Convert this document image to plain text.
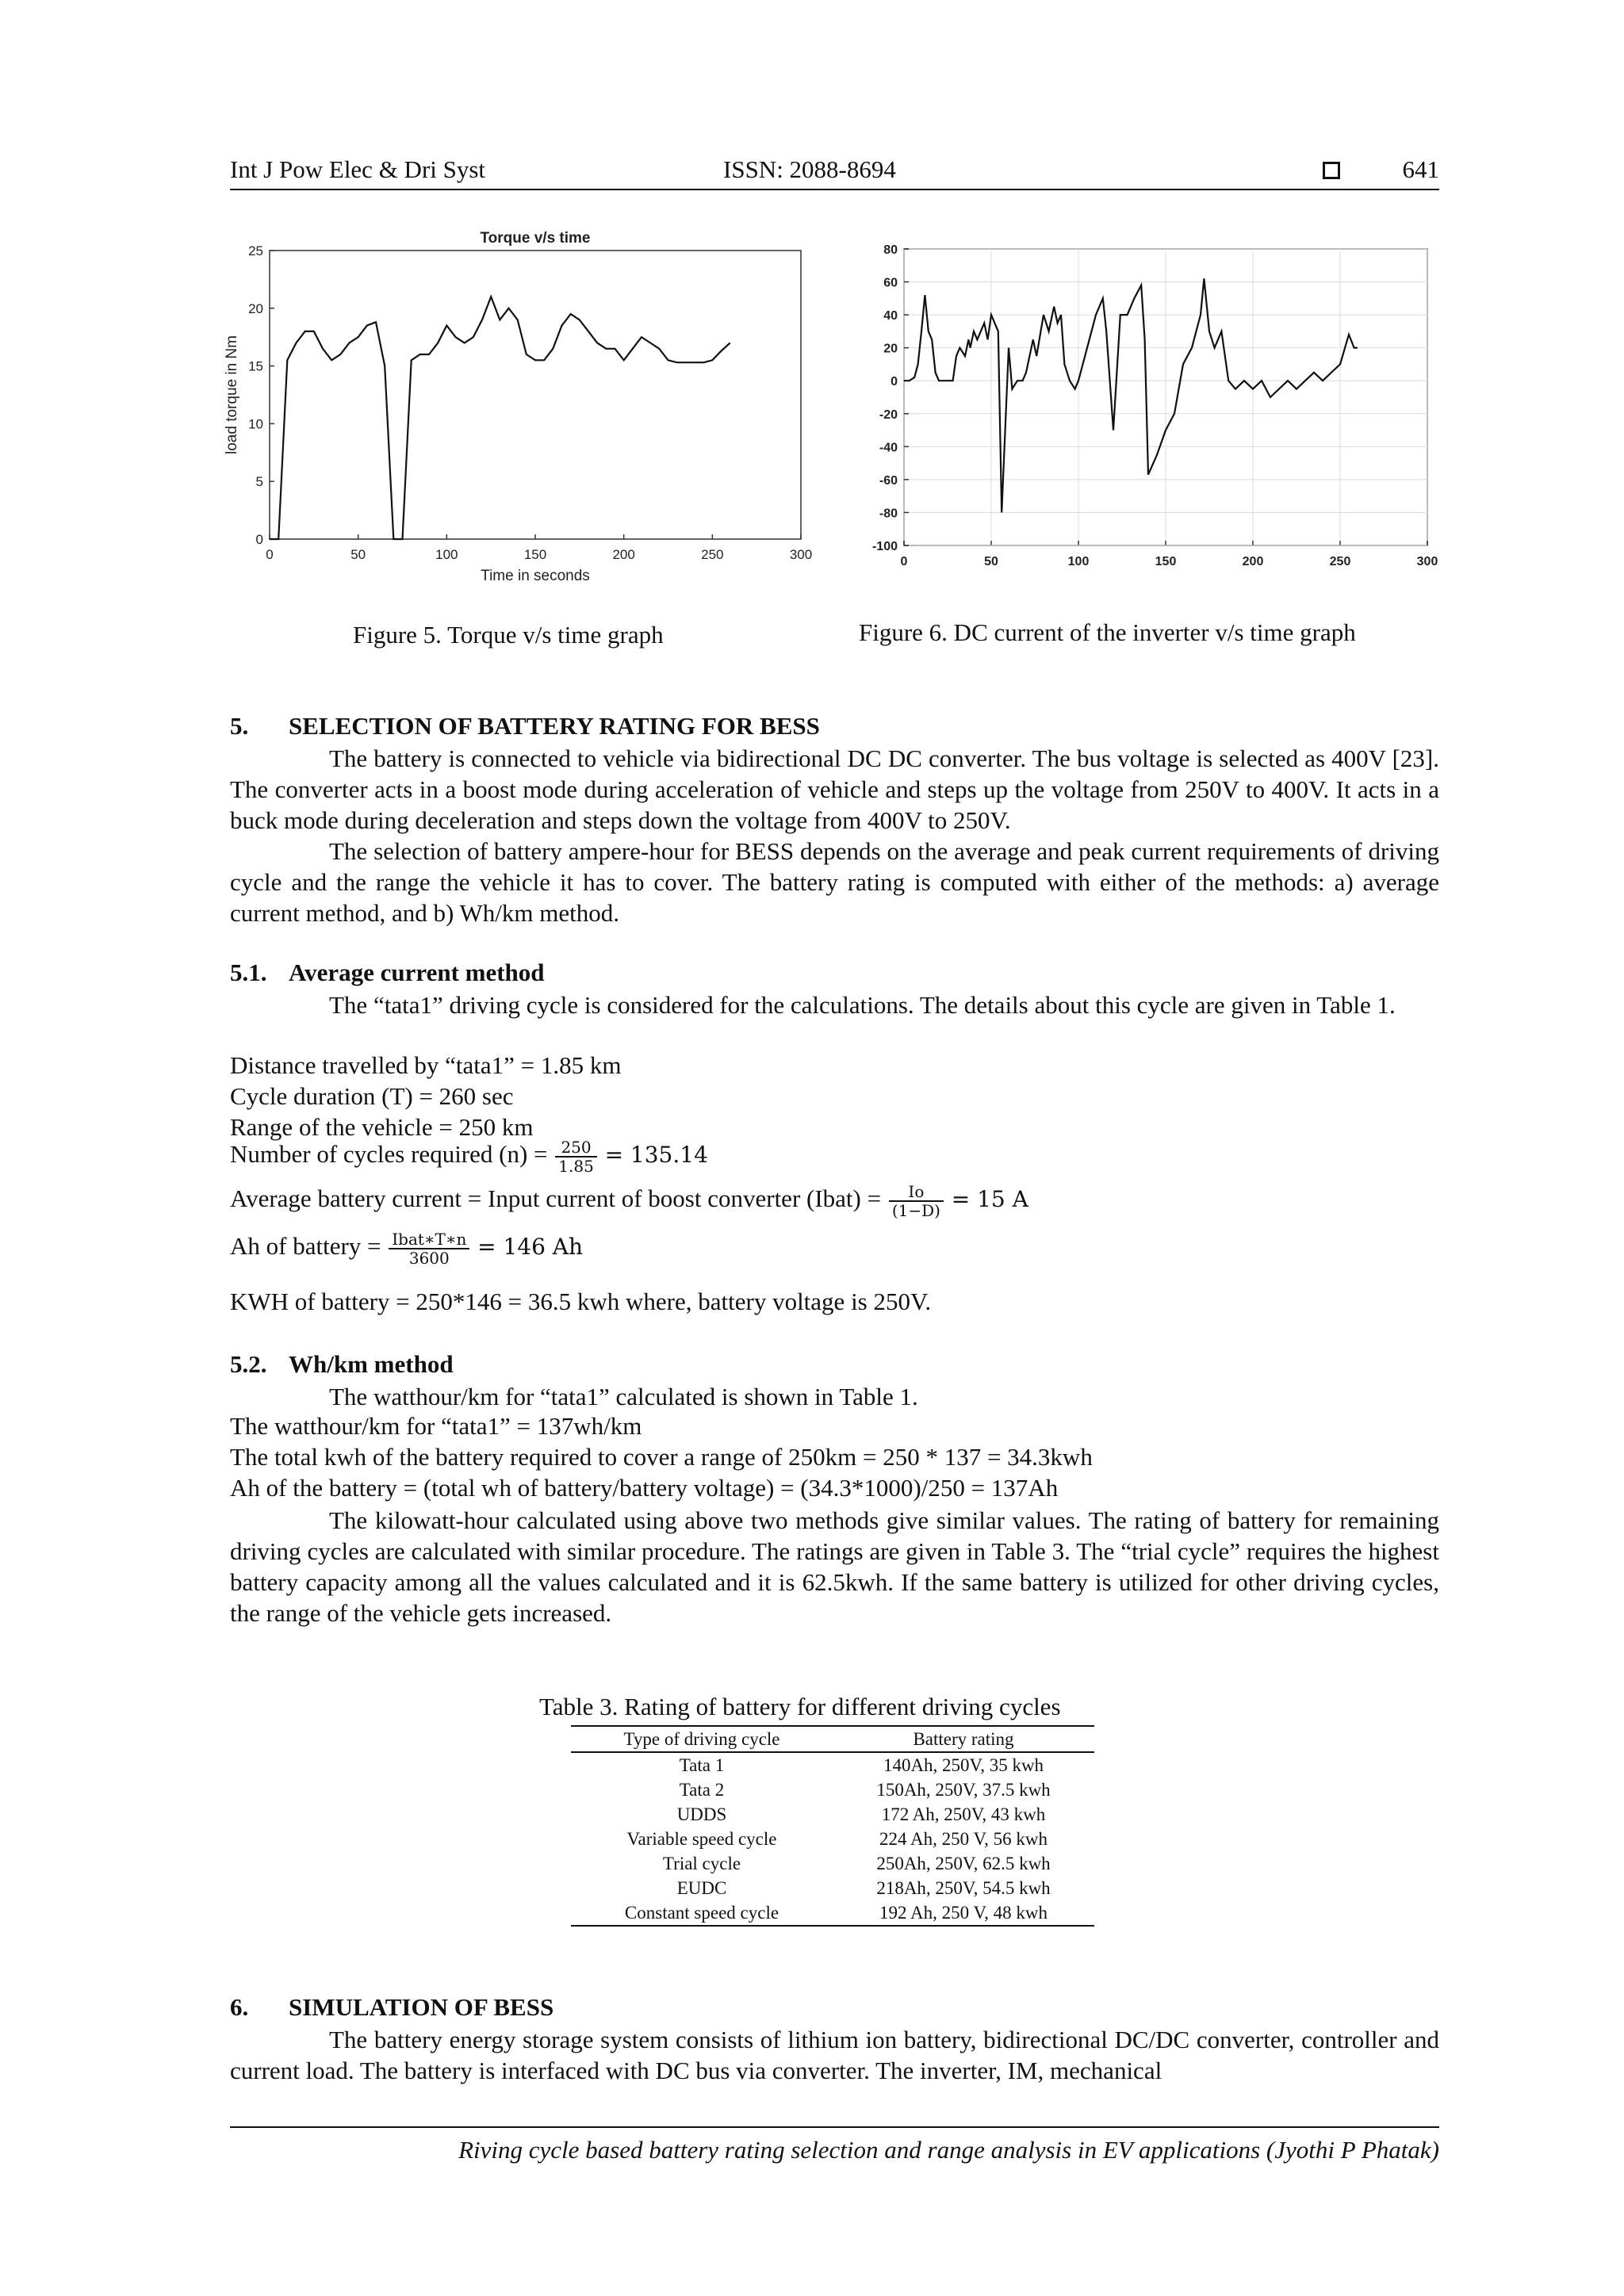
Int J Pow Elec & Dri Syst	ISSN: 2088-8694	641
0	50	100	150	200	250	300
0
5
10
15
20
25
Torque v/s time
Time in seconds
load torque in Nm
Figure 5. Torque v/s time graph
0	50	100	150	200	250	300
80
60
40
20
0
-20
-40
-60
-80
-100
Figure 6. DC current of the inverter v/s time graph
5. SELECTION OF BATTERY RATING FOR BESS
The battery is connected to vehicle via bidirectional DC DC converter. The bus voltage is selected as 400V [23]. The converter acts in a boost mode during acceleration of vehicle and steps up the voltage from 250V to 400V. It acts in a buck mode during deceleration and steps down the voltage from 400V to 250V.
The selection of battery ampere-hour for BESS depends on the average and peak current requirements of driving cycle and the range the vehicle it has to cover. The battery rating is computed with either of the methods: a) average current method, and b) Wh/km method.
5.1. Average current method
The “tata1” driving cycle is considered for the calculations. The details about this cycle are given in Table 1.
Distance travelled by “tata1” = 1.85 km
Cycle duration (T) = 260 sec
Range of the vehicle = 250 km
Number of cycles required $(n) = \frac{250}{1.85} = 135.14$
Average battery current = Input current of boost converter (Ibat) = $\frac{Io}{(1-D)} = 15$ A
Ah of battery = $\frac{\text{Ibat∗T∗n}}{3600} = 146$ Ah
KWH of battery = 250*146 = 36.5 kwh where, battery voltage is 250V.
5.2. Wh/km method
The watthour/km for “tata1” calculated is shown in Table 1.
The watthour/km for “tata1” = 137wh/km
The total kwh of the battery required to cover a range of 250km = 250 * 137 = 34.3kwh
Ah of the battery = (total wh of battery/battery voltage) = (34.3*1000)/250 = 137Ah
The kilowatt-hour calculated using above two methods give similar values. The rating of battery for remaining driving cycles are calculated with similar procedure. The ratings are given in Table 3. The “trial cycle” requires the highest battery capacity among all the values calculated and it is 62.5kwh. If the same battery is utilized for other driving cycles, the range of the vehicle gets increased.
Table 3. Rating of battery for different driving cycles
Type of driving cycle	Battery rating
Tata 1	140Ah, 250V, 35 kwh
Tata 2	150Ah, 250V, 37.5 kwh
UDDS	172 Ah, 250V, 43 kwh
Variable speed cycle	224 Ah, 250 V, 56 kwh
Trial cycle	250Ah, 250V, 62.5 kwh
EUDC	218Ah, 250V, 54.5 kwh
Constant speed cycle	192 Ah, 250 V, 48 kwh
6. SIMULATION OF BESS
The battery energy storage system consists of lithium ion battery, bidirectional DC/DC converter, controller and current load. The battery is interfaced with DC bus via converter. The inverter, IM, mechanical
Riving cycle based battery rating selection and range analysis in EV applications (Jyothi P Phatak)
